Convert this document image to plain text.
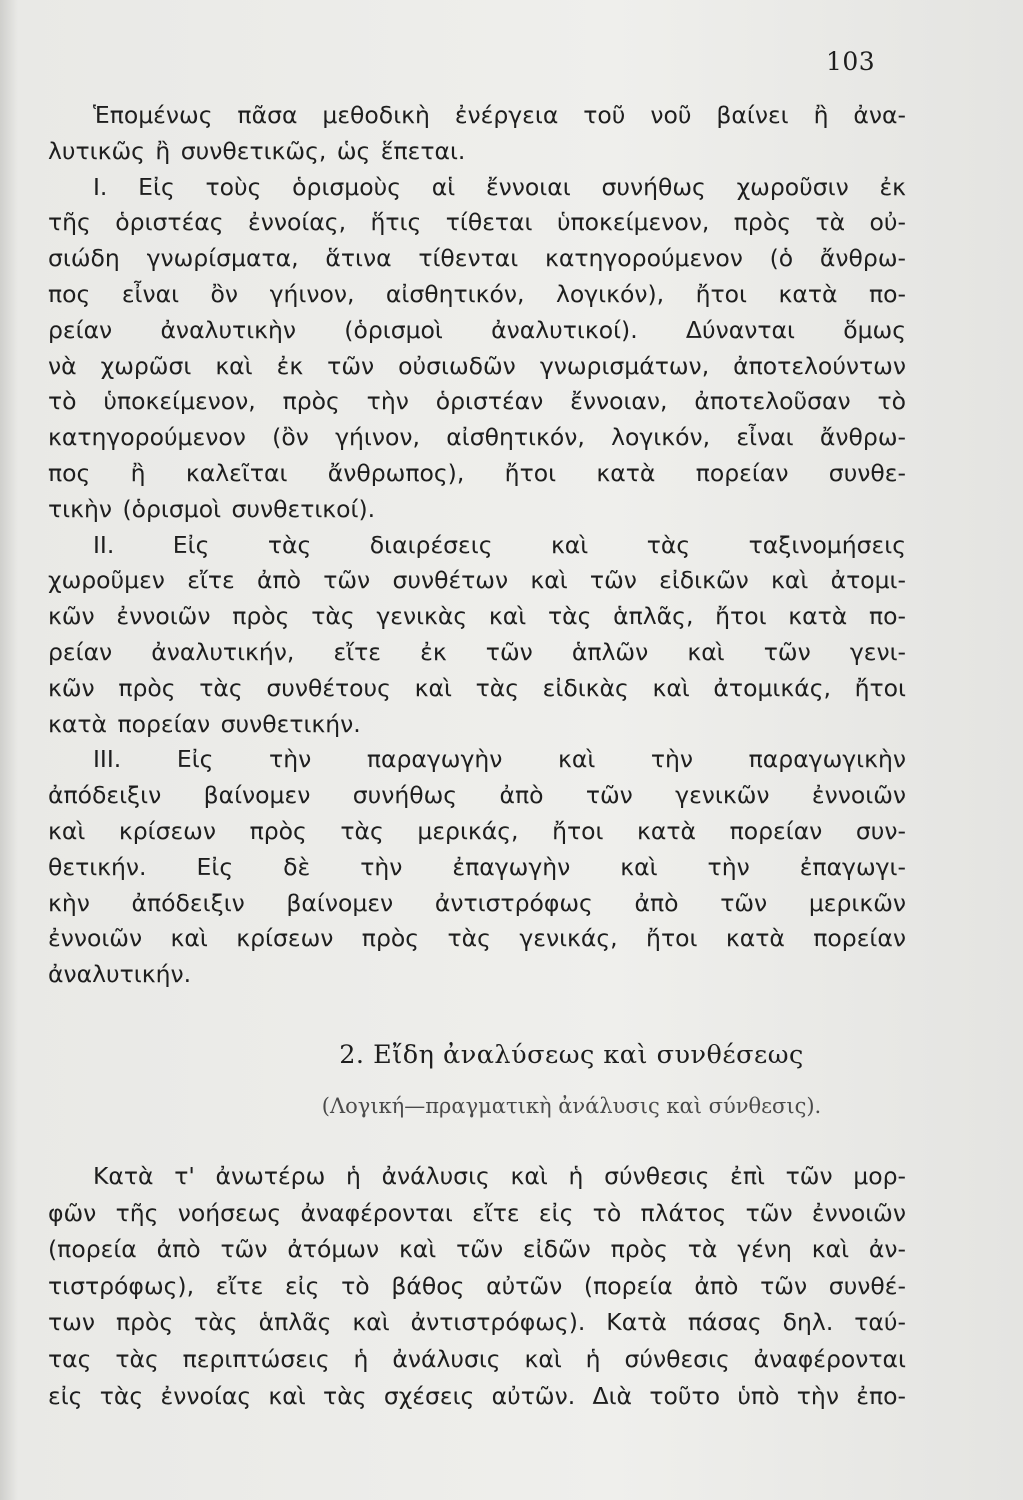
103
Ἑπομένως πᾶσα μεθοδικὴ ἐνέργεια τοῦ νοῦ βαίνει ἢ ἀνα-
λυτικῶς ἢ συνθετικῶς, ὡς ἕπεται.
I. Εἰς τοὺς ὁρισμοὺς αἱ ἔννοιαι συνήθως χωροῦσιν ἐκ
τῆς ὁριστέας ἐννοίας, ἥτις τίθεται ὑποκείμενον, πρὸς τὰ οὐ-
σιώδη γνωρίσματα, ἅτινα τίθενται κατηγορούμενον (ὁ ἄνθρω-
πος εἶναι ὂν γήινον, αἰσθητικόν, λογικόν), ἤτοι κατὰ πο-
ρείαν ἀναλυτικὴν (ὁρισμοὶ ἀναλυτικοί). Δύνανται ὅμως
νὰ χωρῶσι καὶ ἐκ τῶν οὐσιωδῶν γνωρισμάτων, ἀποτελούντων
τὸ ὑποκείμενον, πρὸς τὴν ὁριστέαν ἔννοιαν, ἀποτελοῦσαν τὸ
κατηγορούμενον (ὂν γήινον, αἰσθητικόν, λογικόν, εἶναι ἄνθρω-
πος ἢ καλεῖται ἄνθρωπος), ἤτοι κατὰ πορείαν συνθε-
τικὴν (ὁρισμοὶ συνθετικοί).
II. Εἰς τὰς διαιρέσεις καὶ τὰς ταξινομήσεις
χωροῦμεν εἴτε ἀπὸ τῶν συνθέτων καὶ τῶν εἰδικῶν καὶ ἀτομι-
κῶν ἐννοιῶν πρὸς τὰς γενικὰς καὶ τὰς ἁπλᾶς, ἤτοι κατὰ πο-
ρείαν ἀναλυτικήν, εἴτε ἐκ τῶν ἁπλῶν καὶ τῶν γενι-
κῶν πρὸς τὰς συνθέτους καὶ τὰς εἰδικὰς καὶ ἀτομικάς, ἤτοι
κατὰ πορείαν συνθετικήν.
III. Εἰς τὴν παραγωγὴν καὶ τὴν παραγωγικὴν
ἀπόδειξιν βαίνομεν συνήθως ἀπὸ τῶν γενικῶν ἐννοιῶν
καὶ κρίσεων πρὸς τὰς μερικάς, ἤτοι κατὰ πορείαν συν-
θετικήν. Εἰς δὲ τὴν ἐπαγωγὴν καὶ τὴν ἐπαγωγι-
κὴν ἀπόδειξιν βαίνομεν ἀντιστρόφως ἀπὸ τῶν μερικῶν
ἐννοιῶν καὶ κρίσεων πρὸς τὰς γενικάς, ἤτοι κατὰ πορείαν
ἀναλυτικήν.
2. Εἴδη ἀναλύσεως καὶ συνθέσεως
(Λογική—πραγματικὴ ἀνάλυσις καὶ σύνθεσις).
Κατὰ τ' ἀνωτέρω ἡ ἀνάλυσις καὶ ἡ σύνθεσις ἐπὶ τῶν μορ-
φῶν τῆς νοήσεως ἀναφέρονται εἴτε εἰς τὸ πλάτος τῶν ἐννοιῶν
(πορεία ἀπὸ τῶν ἀτόμων καὶ τῶν εἰδῶν πρὸς τὰ γένη καὶ ἀν-
τιστρόφως), εἴτε εἰς τὸ βάθος αὐτῶν (πορεία ἀπὸ τῶν συνθέ-
των πρὸς τὰς ἁπλᾶς καὶ ἀντιστρόφως). Κατὰ πάσας δηλ. ταύ-
τας τὰς περιπτώσεις ἡ ἀνάλυσις καὶ ἡ σύνθεσις ἀναφέρονται
εἰς τὰς ἐννοίας καὶ τὰς σχέσεις αὐτῶν. Διὰ τοῦτο ὑπὸ τὴν ἐπο-
